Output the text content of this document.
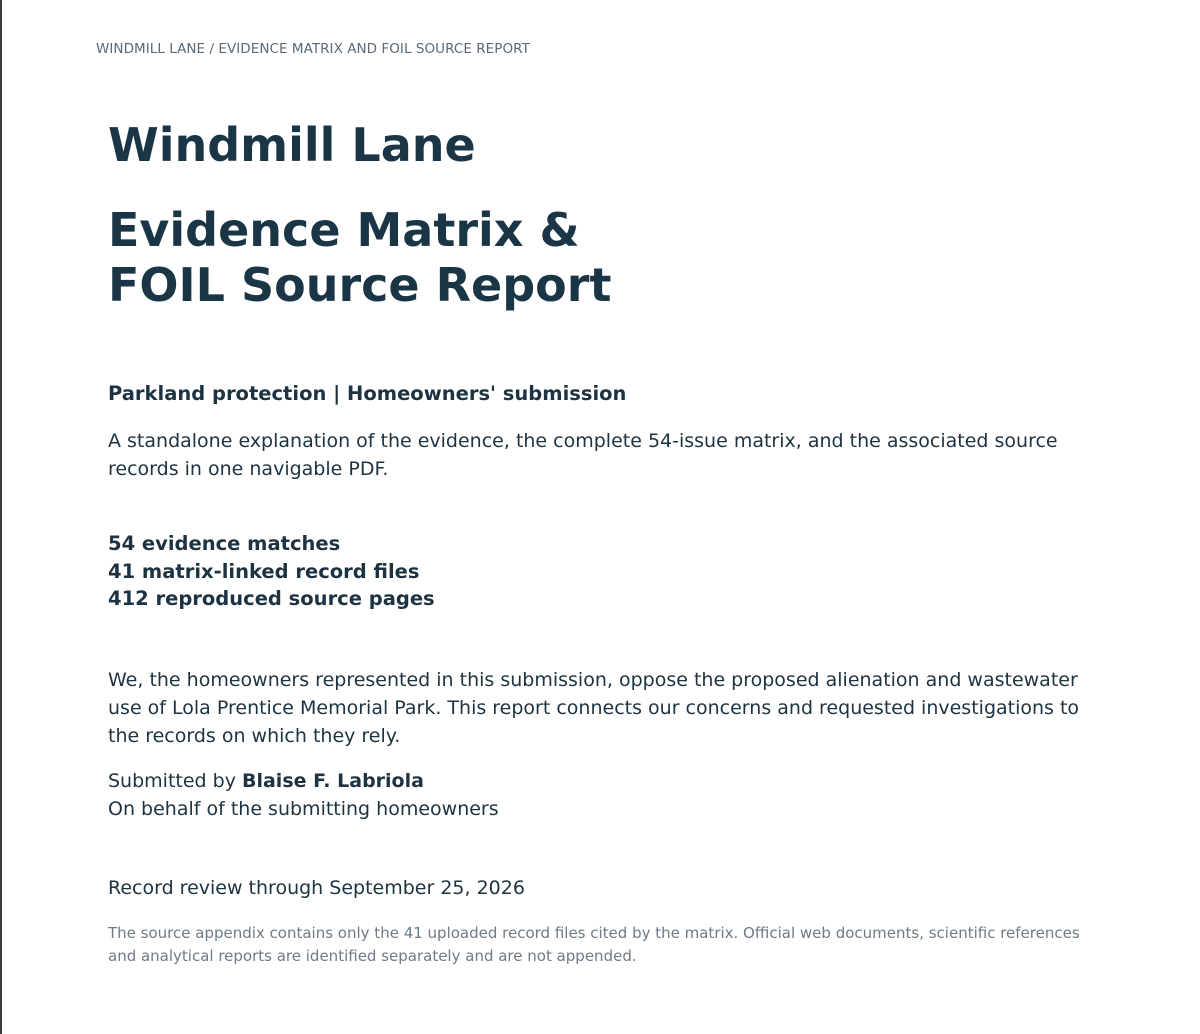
WINDMILL LANE / EVIDENCE MATRIX AND FOIL SOURCE REPORT
Windmill Lane
Evidence Matrix &
FOIL Source Report
Parkland protection | Homeowners' submission
A standalone explanation of the evidence, the complete 54-issue matrix, and the associated source records in one navigable PDF.
54 evidence matches
41 matrix-linked record files
412 reproduced source pages
We, the homeowners represented in this submission, oppose the proposed alienation and wastewater use of Lola Prentice Memorial Park. This report connects our concerns and requested investigations to the records on which they rely.
Submitted by Blaise F. Labriola
On behalf of the submitting homeowners
Record review through September 25, 2026
The source appendix contains only the 41 uploaded record files cited by the matrix. Official web documents, scientific references and analytical reports are identified separately and are not appended.
